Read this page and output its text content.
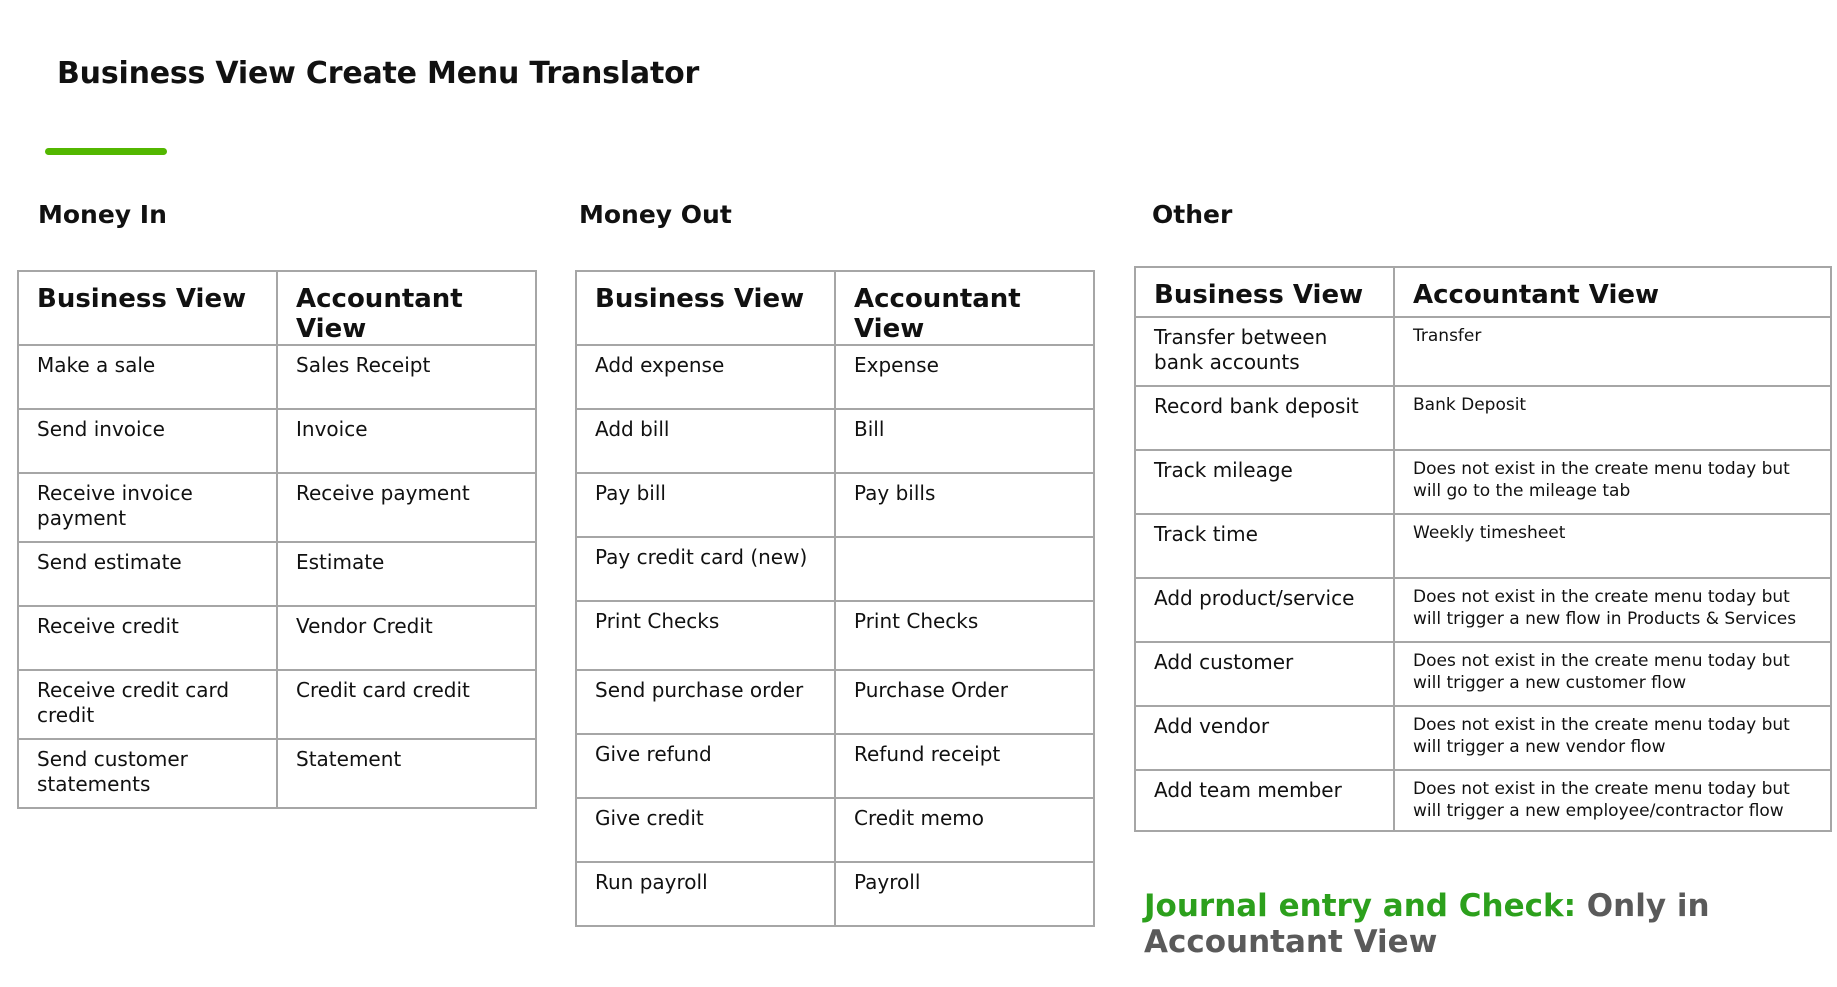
Business View Create Menu Translator
Money In
Business View	Accountant View
Make a sale	Sales Receipt
Send invoice	Invoice
Receive invoice payment	Receive payment
Send estimate	Estimate
Receive credit	Vendor Credit
Receive credit card credit	Credit card credit
Send customer statements	Statement
Money Out
Business View	Accountant View
Add expense	Expense
Add bill	Bill
Pay bill	Pay bills
Pay credit card (new)	
Print Checks	Print Checks
Send purchase order	Purchase Order
Give refund	Refund receipt
Give credit	Credit memo
Run payroll	Payroll
Other
Business View	Accountant View
Transfer between bank accounts	Transfer
Record bank deposit	Bank Deposit
Track mileage	Does not exist in the create menu today but will go to the mileage tab
Track time	Weekly timesheet
Add product/service	Does not exist in the create menu today but will trigger a new flow in Products & Services
Add customer	Does not exist in the create menu today but will trigger a new customer flow
Add vendor	Does not exist in the create menu today but will trigger a new vendor flow
Add team member	Does not exist in the create menu today but will trigger a new employee/contractor flow

Journal entry and Check: Only in Accountant View
